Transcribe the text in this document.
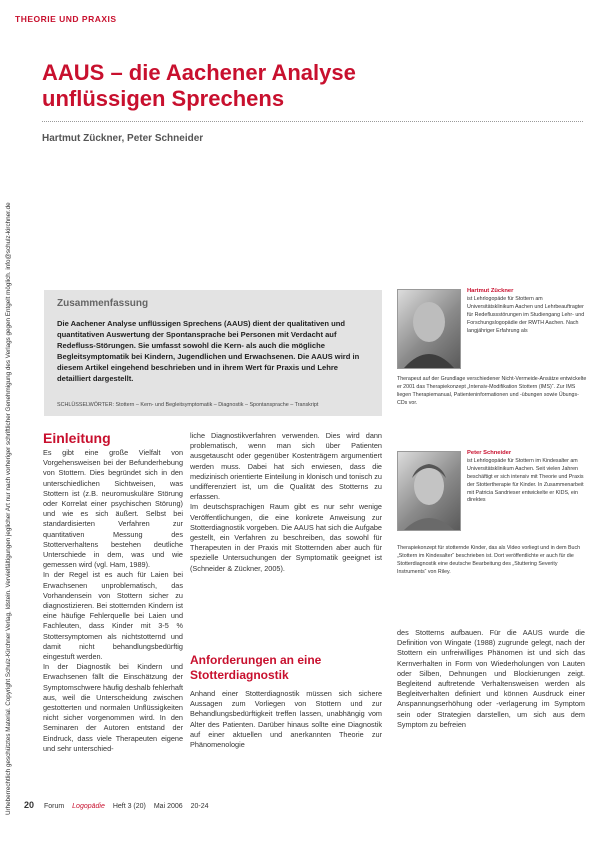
THEORIE UND PRAXIS
Urheberrechtlich geschütztes Material. Copyright Schulz-Kirchner Verlag, Idstein. Vervielfältigungen jeglicher Art nur nach vorheriger schriftlicher Genehmigung des Verlags gegen Entgelt möglich. info@schulz-kirchner.de
AAUS – die Aachener Analyse
unflüssigen Sprechens
Hartmut Zückner, Peter Schneider
Zusammenfassung

Die Aachener Analyse unflüssigen Sprechens (AAUS) dient der qualitativen und quantitativen Auswertung der Spontansprache bei Personen mit Verdacht auf Redefluss-Störungen. Sie umfasst sowohl die Kern- als auch die mögliche Begleitsymptomatik bei Kindern, Jugendlichen und Erwachsenen. Die AAUS wird in diesem Artikel eingehend beschrieben und in ihrem Wert für Praxis und Lehre detailliert dargestellt.

SCHLÜSSELWÖRTER: Stottern – Kern- und Begleitsymptomatik – Diagnostik – Spontansprache – Transkript
Einleitung

Es gibt eine große Vielfalt von Vorgehensweisen bei der Befunderhebung von Stottern. Dies begründet sich in den unterschiedlichen Sichtweisen, was Stottern ist (z.B. neuromuskuläre Störung oder Korrelat einer psychischen Störung) und wie es sich äußert. Selbst bei standardisierten Verfahren zur quantitativen Messung des Stotterverhaltens bestehen deutliche Unterschiede in dem, was und wie gemessen wird (vgl. Ham, 1989).

In der Regel ist es auch für Laien bei Erwachsenen unproblematisch, das Vorhandensein von Stottern sicher zu diagnostizieren. Bei stotternden Kindern ist eine häufige Fehlerquelle bei Laien und Fachleuten, dass Kinder mit 3-5 % Stottersymptomen als nichtstotternd und damit nicht behandlungsbedürftig eingestuft werden.

In der Diagnostik bei Kindern und Erwachsenen fällt die Einschätzung der Symptomschwere häufig deshalb fehlerhaft aus, weil die Unterscheidung zwischen gestotterten und normalen Unflüssigkeiten nicht sicher vorgenommen wird. In den Seminaren der Autoren entstand der Eindruck, dass viele Therapeuten eigene und sehr unterschied-

liche Diagnostikverfahren verwenden. Dies wird dann problematisch, wenn man sich über Patienten ausgetauscht oder gegenüber Kostenträgern argumentiert werden muss. Dabei hat sich erwiesen, dass die medizinisch orientierte Einteilung in klonisch und tonisch zu undifferenziert ist, um die Qualität des Stotterns zu erfassen.

Im deutschsprachigen Raum gibt es nur sehr wenige Veröffentlichungen, die eine konkrete Anweisung zur Stotterdiagnostik vorgeben. Die AAUS hat sich die Aufgabe gestellt, ein Verfahren zu beschreiben, das sowohl für Therapeuten in der Praxis mit Stotternden aber auch für spezielle Untersuchungen der Symptomatik geeignet ist (Schneider & Zückner, 2005).

Anforderungen an eine Stotterdiagnostik

Anhand einer Stotterdiagnostik müssen sich sichere Aussagen zum Vorliegen von Stottern und zur Behandlungsbedürftigkeit treffen lassen, unabhängig vom Alter des Patienten. Darüber hinaus sollte eine Diagnostik auf einer aktuellen und anerkannten Theorie zur Phänomenologie

des Stotterns aufbauen. Für die AAUS wurde die Definition von Wingate (1988) zugrunde gelegt, nach der Stottern ein unfreiwilliges Phänomen ist und sich das Kernverhalten in Form von Wiederholungen von Lauten oder Silben, Dehnungen und Blockierungen zeigt. Begleitend auftretende Verhaltensweisen werden als Begleitverhalten definiert und können Ausdruck einer Anspannungserhöhung oder -verlagerung im Symptom sein oder Strategien darstellen, um sich aus dem Symptom zu befreien

Hartmut Zückner

ist Lehrlogopäde für Stottern am Universitätsklinikum Aachen und Lehrbeauftragter für Redeflussstörungen im Studiengang Lehr- und Forschungslogopädie der RWTH Aachen. Nach langjähriger Erfahrung als

Therapeut auf der Grundlage verschiedener Nicht-Vermeide-Ansätze entwickelte er 2001 das Therapiekonzept „Intensiv-Modifikation Stottern (IMS)“. Zur IMS liegen Therapiemanual, Patienteninformationen und -übungen sowie Übungs-CDs vor.

Peter Schneider

ist Lehrlogopäde für Stottern im Kindesalter am Universitätsklinikum Aachen. Seit vielen Jahren beschäftigt er sich intensiv mit Theorie und Praxis der Stottertherapie für Kinder. In Zusammenarbeit mit Patricia Sandrieser entwickelte er KIDS, ein direktes

Therapiekonzept für stotternde Kinder, das als Video vorliegt und in dem Buch „Stottern im Kindesalter“ beschrieben ist. Dort veröffentlichte er auch für die Stotterdiagnostik eine deutsche Bearbeitung des „Stuttering Severity Instruments“ von Riley.

20 Forum Logopädie Heft 3 (20) Mai 2006 20-24
